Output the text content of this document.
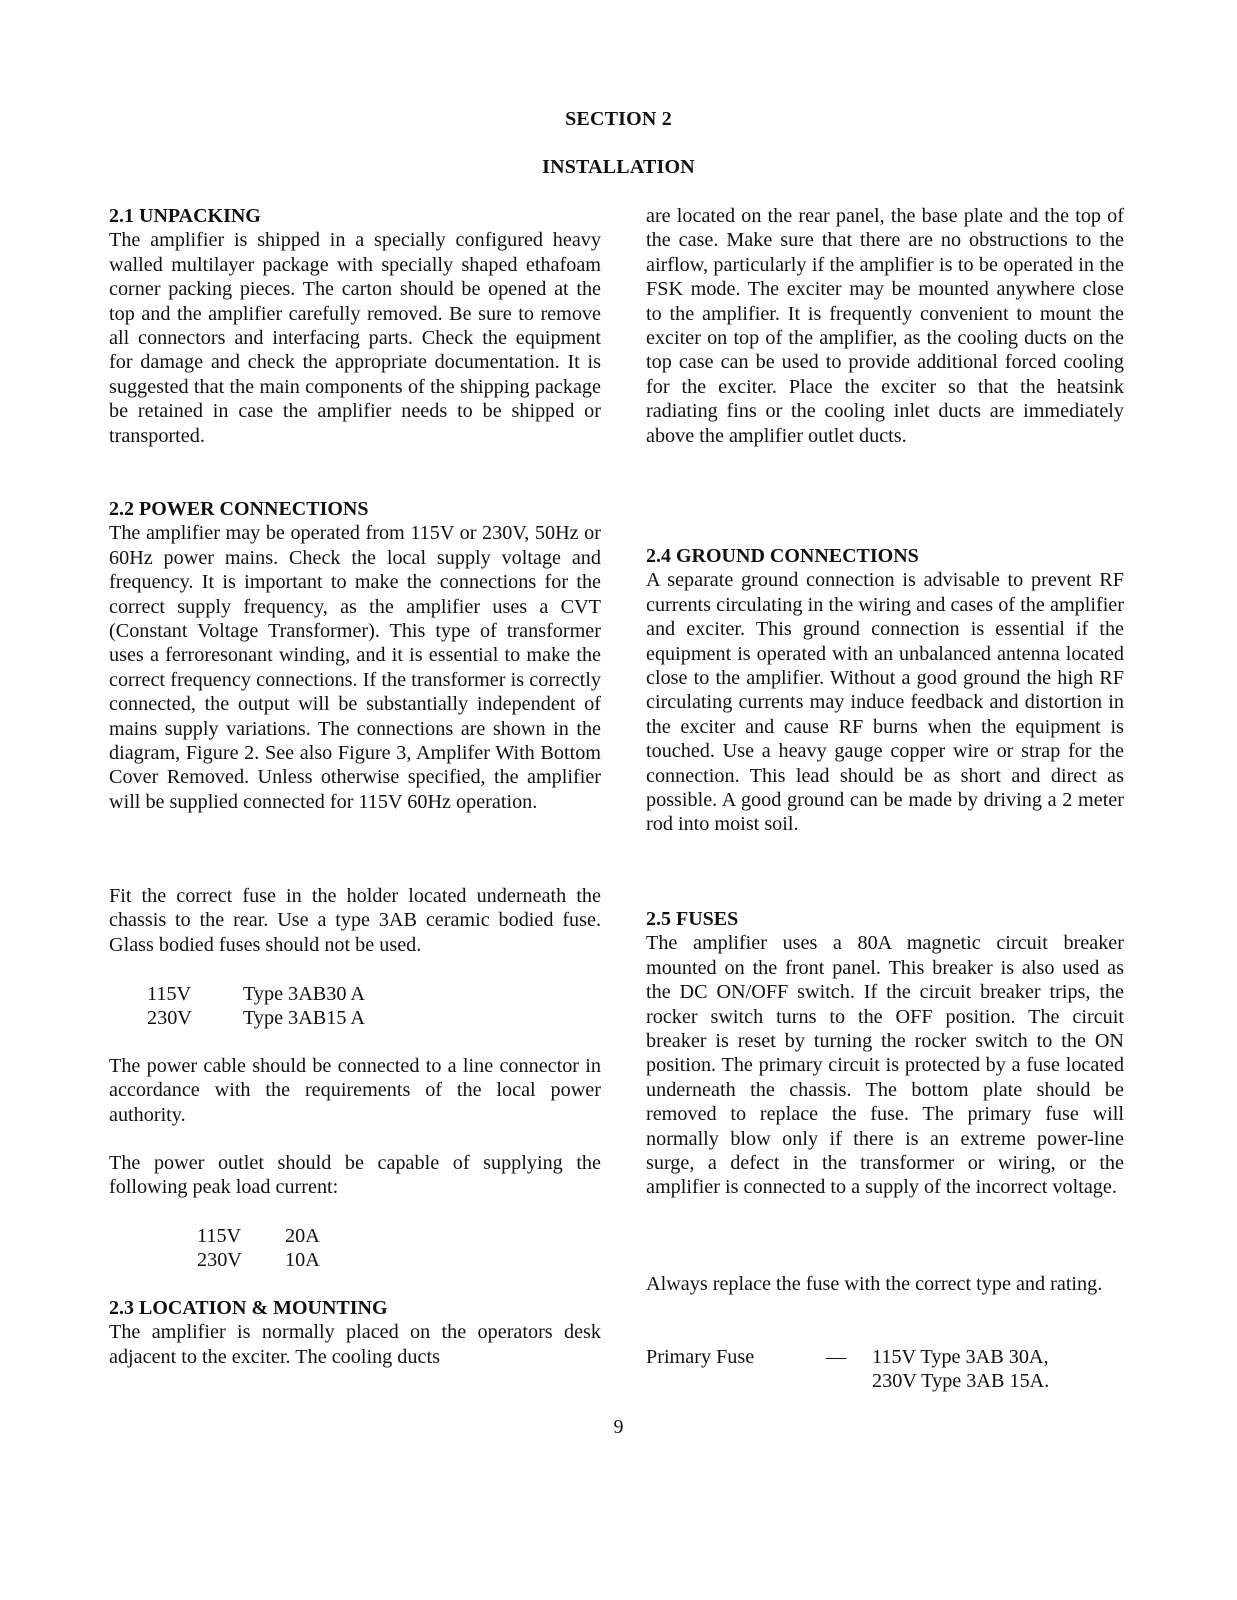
SECTION 2
INSTALLATION
2.1 UNPACKING

The amplifier is shipped in a specially configured heavy walled multilayer package with specially shaped ethafoam corner packing pieces. The carton should be opened at the top and the amplifier carefully removed. Be sure to remove all connectors and interfacing parts. Check the equipment for damage and check the appropriate documentation. It is suggested that the main components of the shipping package be retained in case the amplifier needs to be shipped or transported.

2.2 POWER CONNECTIONS

The amplifier may be operated from 115V or 230V, 50Hz or 60Hz power mains. Check the local supply voltage and frequency. It is important to make the connections for the correct supply frequency, as the amplifier uses a CVT (Constant Voltage Transformer). This type of transformer uses a ferroresonant winding, and it is essential to make the correct frequency connections. If the transformer is correctly connected, the output will be substantially independent of mains supply variations. The connections are shown in the diagram, Figure 2. See also Figure 3, Amplifer With Bottom Cover Removed. Unless otherwise specified, the amplifier will be supplied connected for 115V 60Hz operation.

Fit the correct fuse in the holder located underneath the chassis to the rear. Use a type 3AB ceramic bodied fuse. Glass bodied fuses should not be used.

115V	Type 3AB30 A
230V	Type 3AB15 A

The power cable should be connected to a line connector in accordance with the requirements of the local power authority.

The power outlet should be capable of supplying the following peak load current:

115V	20A
230V	10A
2.3 LOCATION & MOUNTING

The amplifier is normally placed on the operators desk adjacent to the exciter. The cooling ducts

are located on the rear panel, the base plate and the top of the case. Make sure that there are no obstructions to the airflow, particularly if the amplifier is to be operated in the FSK mode. The exciter may be mounted anywhere close to the amplifier. It is frequently convenient to mount the exciter on top of the amplifier, as the cooling ducts on the top case can be used to provide additional forced cooling for the exciter. Place the exciter so that the heatsink radiating fins or the cooling inlet ducts are immediately above the amplifier outlet ducts.

2.4 GROUND CONNECTIONS

A separate ground connection is advisable to prevent RF currents circulating in the wiring and cases of the amplifier and exciter. This ground connection is essential if the equipment is operated with an unbalanced antenna located close to the amplifier. Without a good ground the high RF circulating currents may induce feedback and distortion in the exciter and cause RF burns when the equipment is touched. Use a heavy gauge copper wire or strap for the connection. This lead should be as short and direct as possible. A good ground can be made by driving a 2 meter rod into moist soil.

2.5 FUSES

The amplifier uses a 80A magnetic circuit breaker mounted on the front panel. This breaker is also used as the DC ON/OFF switch. If the circuit breaker trips, the rocker switch turns to the OFF position. The circuit breaker is reset by turning the rocker switch to the ON position. The primary circuit is protected by a fuse located underneath the chassis. The bottom plate should be removed to replace the fuse. The primary fuse will normally blow only if there is an extreme power-line surge, a defect in the transformer or wiring, or the amplifier is connected to a supply of the incorrect voltage.

Always replace the fuse with the correct type and rating.

Primary Fuse	— 115V Type 3AB 30A,
230V Type 3AB 15A.
9
